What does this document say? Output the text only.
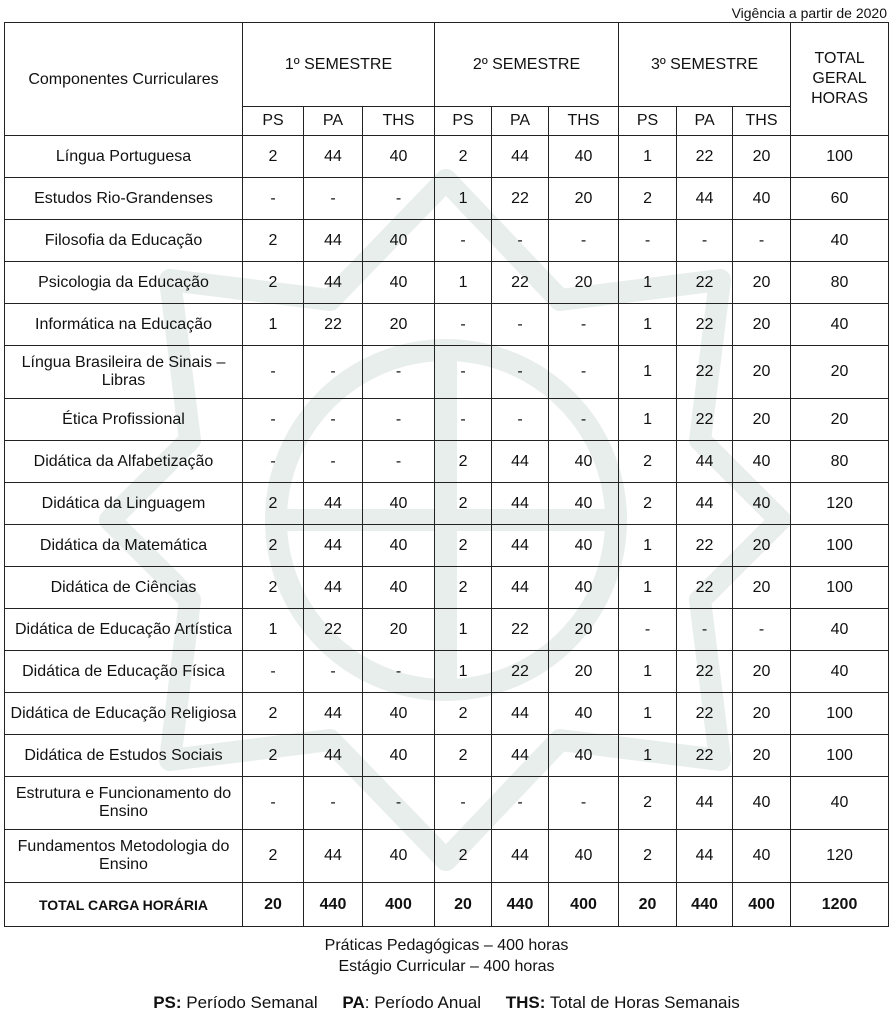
Vigência a partir de 2020
Componentes Curriculares	1º SEMESTRE			2º SEMESTRE			3º SEMESTRE			TOTAL GERAL HORAS
	PS	PA	THS	PS	PA	THS	PS	PA	THS	
Língua Portuguesa	2	44	40	2	44	40	1	22	20	100
Estudos Rio-Grandenses	-	-	-	1	22	20	2	44	40	60
Filosofia da Educação	2	44	40	-	-	-	-	-	-	40
Psicologia da Educação	2	44	40	1	22	20	1	22	20	80
Informática na Educação	1	22	20	-	-	-	1	22	20	40
Língua Brasileira de Sinais – Libras	-	-	-	-	-	-	1	22	20	20
Ética Profissional	-	-	-	-	-	-	1	22	20	20
Didática da Alfabetização	-	-	-	2	44	40	2	44	40	80
Didática da Linguagem	2	44	40	2	44	40	2	44	40	120
Didática da Matemática	2	44	40	2	44	40	1	22	20	100
Didática de Ciências	2	44	40	2	44	40	1	22	20	100
Didática de Educação Artística	1	22	20	1	22	20	-	-	-	40
Didática de Educação Física	-	-	-	1	22	20	1	22	20	40
Didática de Educação Religiosa	2	44	40	2	44	40	1	22	20	100
Didática de Estudos Sociais	2	44	40	2	44	40	1	22	20	100
Estrutura e Funcionamento do Ensino	-	-	-	-	-	-	2	44	40	40
Fundamentos Metodologia do Ensino	2	44	40	2	44	40	2	44	40	120
TOTAL CARGA HORÁRIA	20	440	400	20	440	400	20	440	400	1200
Práticas Pedagógicas – 400 horas
Estágio Curricular – 400 horas
PS: Período Semanal PA: Período Anual THS: Total de Horas Semanais
